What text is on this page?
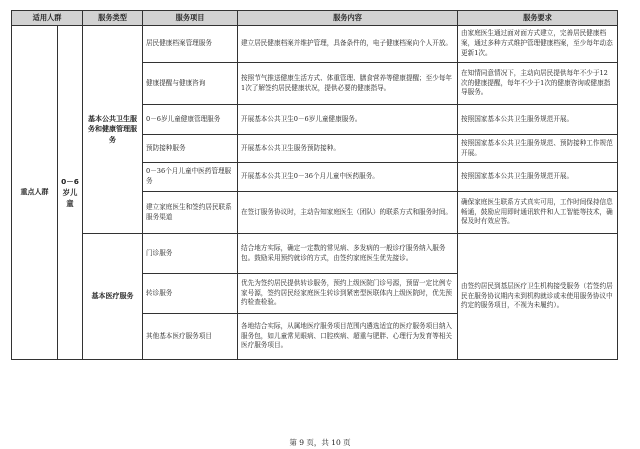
适用人群		服务类型	服务项目	服务内容	服务要求
重点人群	0－6岁儿童	基本公共卫生服务和健康管理服务	居民健康档案管理服务	建立居民健康档案并维护管理，具备条件的，电子健康档案向个人开放。	由家庭医生通过面对面方式建立，完善居民健康档案，通过多种方式维护管理健康档案，至少每年动态更新1次。
			健康提醒与健康咨询	按照节气推送健康生活方式、体重管理、膳食营养等健康提醒；至少每年1次了解签约居民健康状况，提供必要的健康指导。	在知情同意情况下，主动向居民提供每年不少于12次的健康提醒，每年不少于1次的健康咨询或健康指导服务。
			0－6岁儿童健康管理服务	开展基本公共卫生0－6岁儿童健康服务。	按照国家基本公共卫生服务规范开展。
			预防接种服务	开展基本公共卫生服务预防接种。	按照国家基本公共卫生服务规范、预防接种工作规范开展。
			0－36个月儿童中医药管理服务	开展基本公共卫生0－36个月儿童中医药服务。	按照国家基本公共卫生服务规范开展。
			建立家庭医生和签约居民联系服务渠道	在签订服务协议时，主动告知家庭医生（团队）的联系方式和服务时间。	确保家庭医生联系方式真实可用，工作时间保持信息畅通，鼓励应用即时通讯软件和人工智能等技术，确保及时有效应答。
		基本医疗服务	门诊服务	结合地方实际，确定一定数的常见病、多发病的一般诊疗服务纳入服务包。鼓励采用预约就诊的方式，由签约家庭医生优先接诊。	由签约居民到基层医疗卫生机构接受服务（若签约居民在服务协议期内未到机构就诊或未使用服务协议中约定的服务项目，不视为未履约）。
			转诊服务	优先为签约居民提供转诊服务，预约上级医院门诊号源，预留一定比例专家号源，签约居民经家庭医生转诊到紧密型医联体内上级医院时，优先预约检查检验。	
			其他基本医疗服务项目	各地结合实际，从属地医疗服务项目范围内遴选适宜的医疗服务项目纳入服务包，如儿童常见眼病、口腔疾病、超重与肥胖、心理行为发育等相关医疗服务项目。	
第 9 页，共 10 页
